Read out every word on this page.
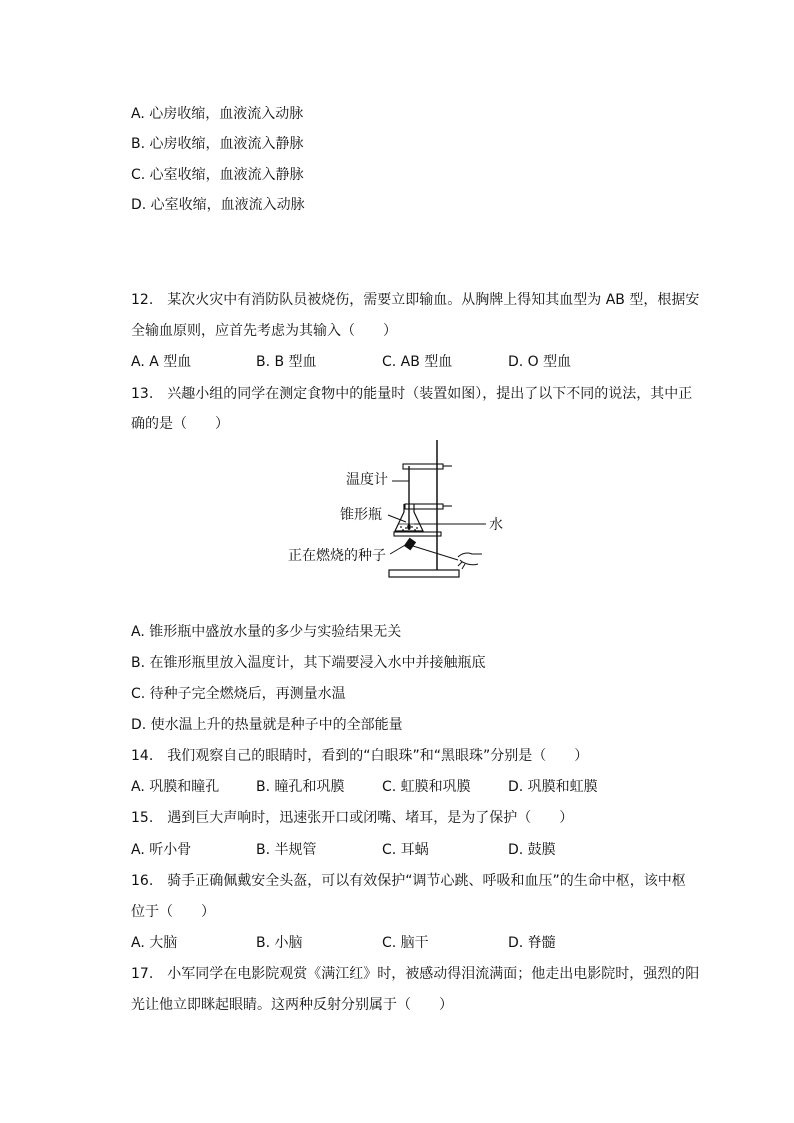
A. 心房收缩，血液流入动脉
B. 心房收缩，血液流入静脉
C. 心室收缩，血液流入静脉
D. 心室收缩，血液流入动脉
12.　某次火灾中有消防队员被烧伤，需要立即输血。从胸牌上得知其血型为 AB 型，根据安
全输血原则，应首先考虑为其输入（　　）
A. A 型血	B. B 型血	C. AB 型血	D. O 型血
13.　兴趣小组的同学在测定食物中的能量时（装置如图），提出了以下不同的说法，其中正
确的是（　　）
温度计
锥形瓶
水
正在燃烧的种子
A. 锥形瓶中盛放水量的多少与实验结果无关
B. 在锥形瓶里放入温度计，其下端要浸入水中并接触瓶底
C. 待种子完全燃烧后，再测量水温
D. 使水温上升的热量就是种子中的全部能量
14.　我们观察自己的眼睛时，看到的“白眼珠”和“黑眼珠”分别是（　　）
A. 巩膜和瞳孔	B. 瞳孔和巩膜	C. 虹膜和巩膜	D. 巩膜和虹膜
15.　遇到巨大声响时，迅速张开口或闭嘴、堵耳，是为了保护（　　）
A. 听小骨	B. 半规管	C. 耳蜗	D. 鼓膜
16.　骑手正确佩戴安全头盔，可以有效保护“调节心跳、呼吸和血压”的生命中枢，该中枢
位于（　　）
A. 大脑	B. 小脑	C. 脑干	D. 脊髓
17.　小军同学在电影院观赏《满江红》时，被感动得泪流满面；他走出电影院时，强烈的阳
光让他立即眯起眼睛。这两种反射分别属于（　　）
